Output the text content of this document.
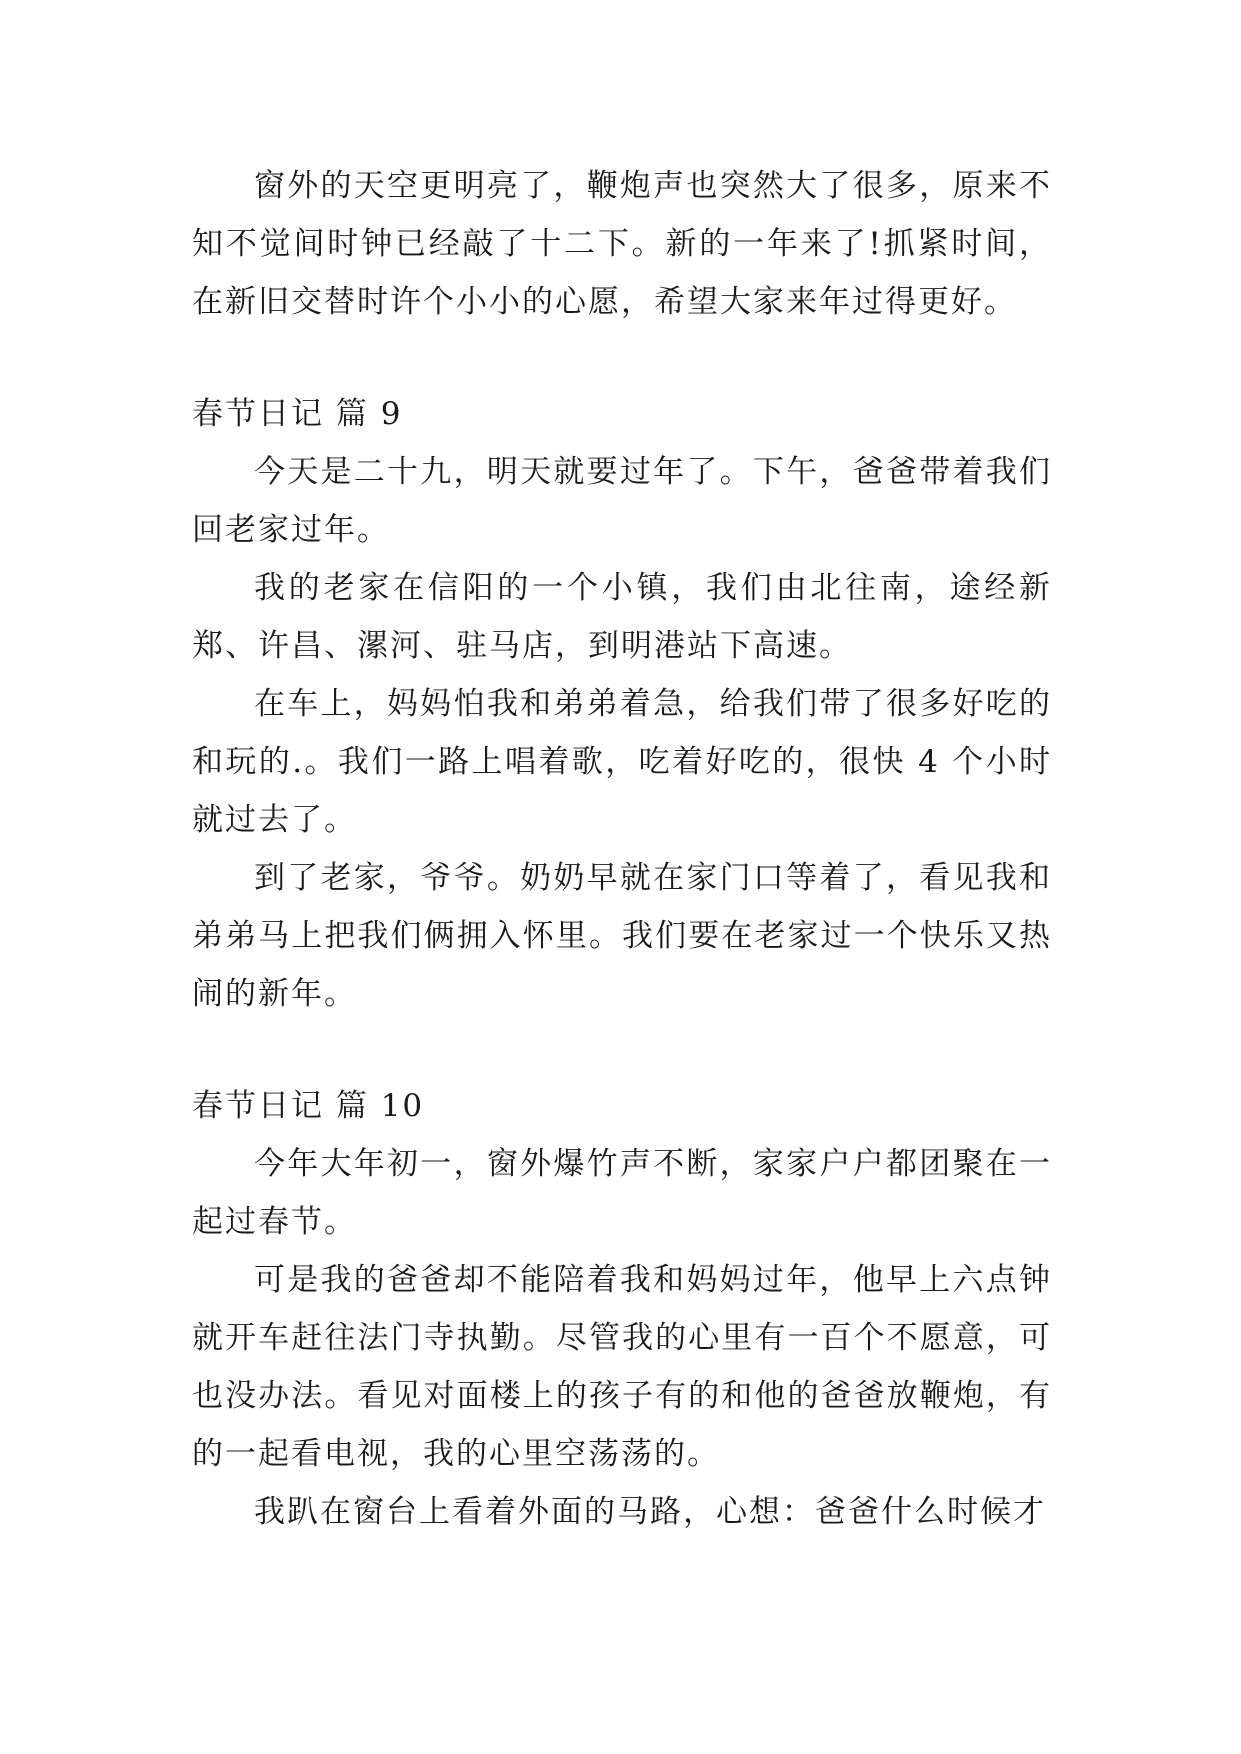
窗外的天空更明亮了，鞭炮声也突然大了很多，原来不知不觉间时钟已经敲了十二下。新的一年来了!抓紧时间，在新旧交替时许个小小的心愿，希望大家来年过得更好。

春节日记 篇 9

今天是二十九，明天就要过年了。下午，爸爸带着我们回老家过年。

我的老家在信阳的一个小镇，我们由北往南，途经新郑、许昌、漯河、驻马店，到明港站下高速。

在车上，妈妈怕我和弟弟着急，给我们带了很多好吃的和玩的.。我们一路上唱着歌，吃着好吃的，很快 4 个小时就过去了。

到了老家，爷爷。奶奶早就在家门口等着了，看见我和弟弟马上把我们俩拥入怀里。我们要在老家过一个快乐又热闹的新年。

春节日记 篇 10

今年大年初一，窗外爆竹声不断，家家户户都团聚在一起过春节。

可是我的爸爸却不能陪着我和妈妈过年，他早上六点钟就开车赶往法门寺执勤。尽管我的心里有一百个不愿意，可也没办法。看见对面楼上的孩子有的和他的爸爸放鞭炮，有的一起看电视，我的心里空荡荡的。

我趴在窗台上看着外面的马路，心想：爸爸什么时候才
